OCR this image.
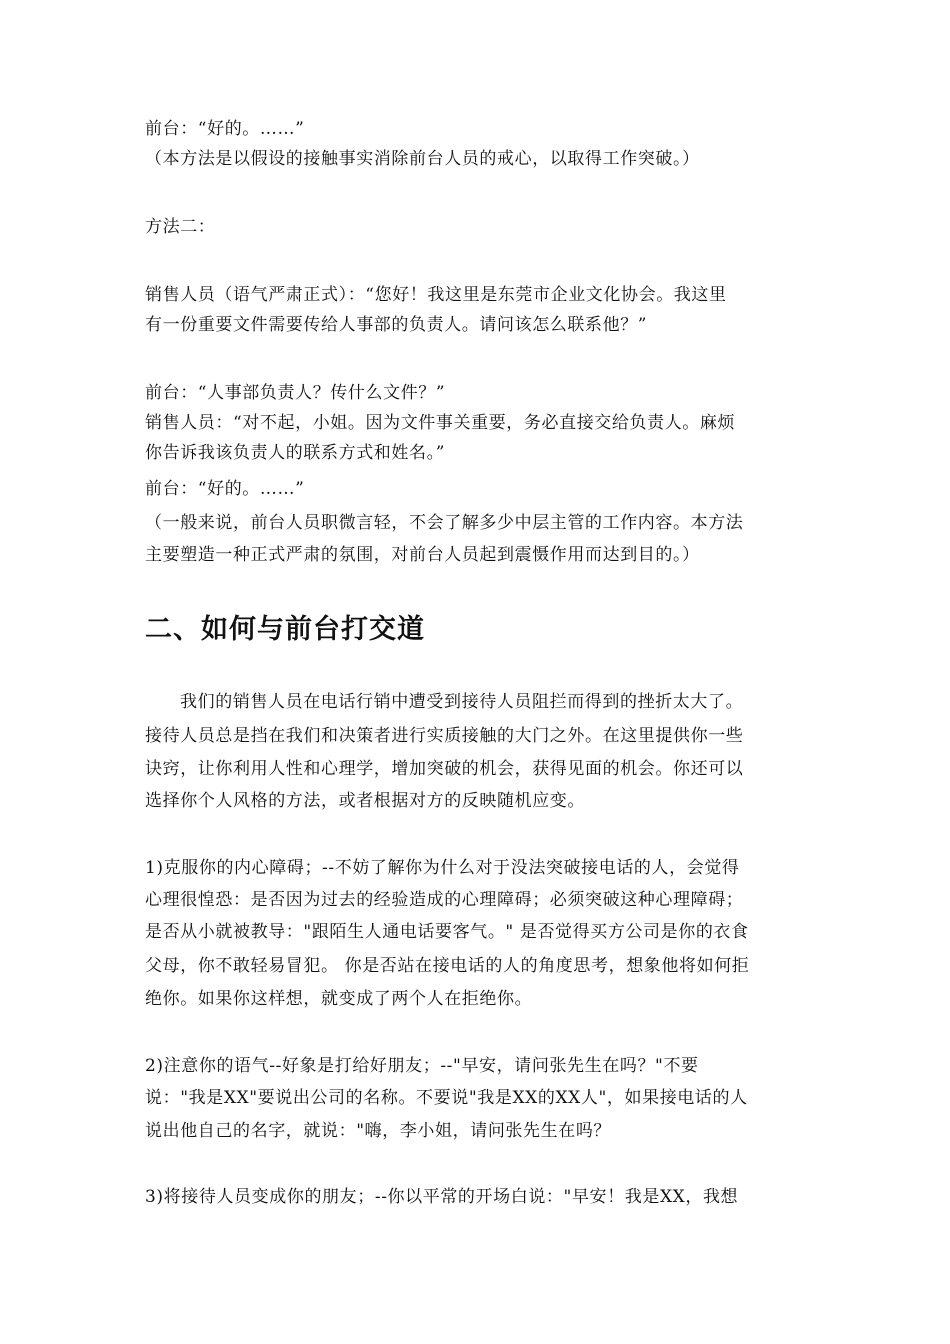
前台：“好的。……”
（本方法是以假设的接触事实消除前台人员的戒心，以取得工作突破。）
方法二：
销售人员（语气严肃正式）：“您好！我这里是东莞市企业文化协会。我这里
有一份重要文件需要传给人事部的负责人。请问该怎么联系他？”
前台：“人事部负责人？传什么文件？”
销售人员：“对不起，小姐。因为文件事关重要，务必直接交给负责人。麻烦
你告诉我该负责人的联系方式和姓名。”
前台：“好的。……”
（一般来说，前台人员职微言轻，不会了解多少中层主管的工作内容。本方法
主要塑造一种正式严肃的氛围，对前台人员起到震慑作用而达到目的。）
二、如何与前台打交道
我们的销售人员在电话行销中遭受到接待人员阻拦而得到的挫折太大了。
接待人员总是挡在我们和决策者进行实质接触的大门之外。在这里提供你一些
诀窍，让你利用人性和心理学，增加突破的机会，获得见面的机会。你还可以
选择你个人风格的方法，或者根据对方的反映随机应变。
1)克服你的内心障碍；--不妨了解你为什么对于没法突破接电话的人，会觉得
心理很惶恐：是否因为过去的经验造成的心理障碍；必须突破这种心理障碍；
是否从小就被教导："跟陌生人通电话要客气。" 是否觉得买方公司是你的衣食
父母，你不敢轻易冒犯。 你是否站在接电话的人的角度思考，想象他将如何拒
绝你。如果你这样想，就变成了两个人在拒绝你。
2)注意你的语气--好象是打给好朋友；--"早安，请问张先生在吗？"不要
说："我是XX"要说出公司的名称。不要说"我是XX的XX人"，如果接电话的人
说出他自己的名字，就说："嗨，李小姐，请问张先生在吗？
3)将接待人员变成你的朋友；--你以平常的开场白说："早安！我是XX，我想
